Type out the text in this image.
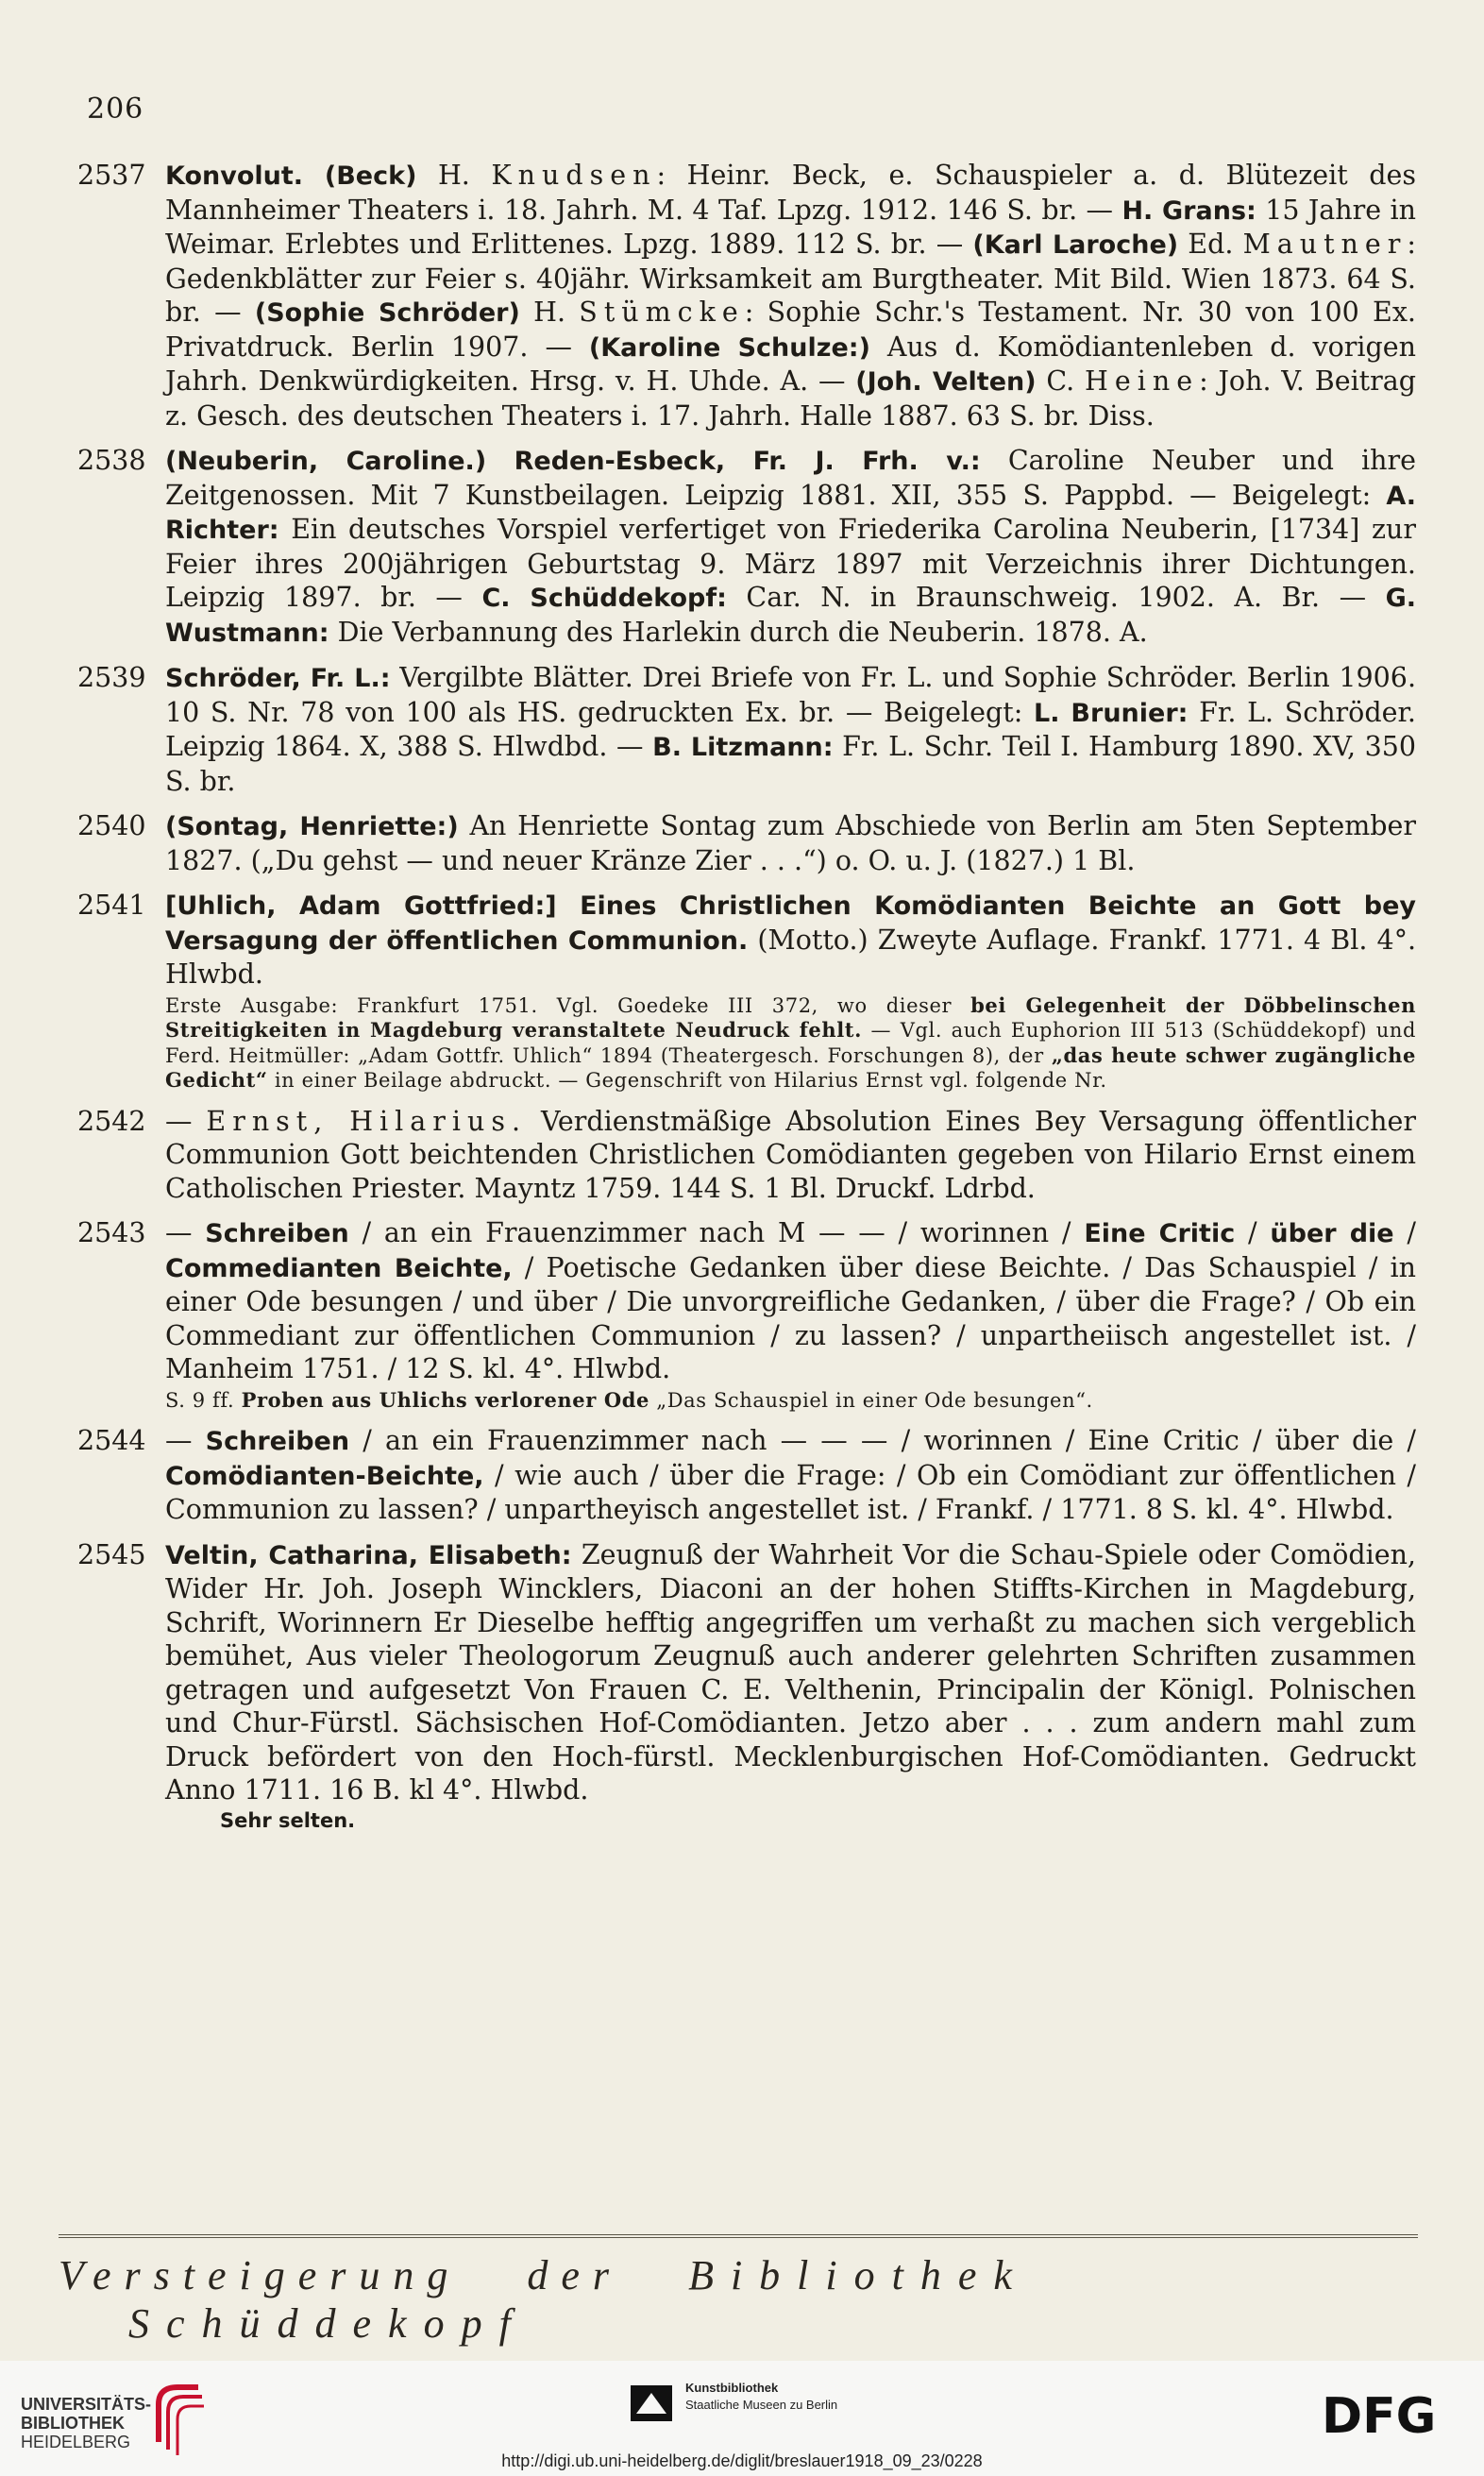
206
2537 Konvolut. (Beck) H. Knudsen: Heinr. Beck, e. Schauspieler a. d. Blütezeit des Mannheimer Theaters i. 18. Jahrh. M. 4 Taf. Lpzg. 1912. 146 S. br. — H. Grans: 15 Jahre in Weimar. Erlebtes und Erlittenes. Lpzg. 1889. 112 S. br. — (Karl Laroche) Ed. Mautner: Gedenkblätter zur Feier s. 40jähr. Wirksamkeit am Burgtheater. Mit Bild. Wien 1873. 64 S. br. — (Sophie Schröder) H. Stümcke: Sophie Schr.'s Testament. Nr. 30 von 100 Ex. Privatdruck. Berlin 1907. — (Karoline Schulze:) Aus d. Komödiantenleben d. vorigen Jahrh. Denkwürdigkeiten. Hrsg. v. H. Uhde. A. — (Joh. Velten) C. Heine: Joh. V. Beitrag z. Gesch. des deutschen Theaters i. 17. Jahrh. Halle 1887. 63 S. br. Diss.
2538 (Neuberin, Caroline.) Reden-Esbeck, Fr. J. Frh. v.: Caroline Neuber und ihre Zeitgenossen. Mit 7 Kunstbeilagen. Leipzig 1881. XII, 355 S. Pappbd. — Beigelegt: A. Richter: Ein deutsches Vorspiel verfertiget von Friederika Carolina Neuberin, [1734] zur Feier ihres 200jährigen Geburtstag 9. März 1897 mit Verzeichnis ihrer Dichtungen. Leipzig 1897. br. — C. Schüddekopf: Car. N. in Braunschweig. 1902. A. Br. — G. Wustmann: Die Verbannung des Harlekin durch die Neuberin. 1878. A.
2539 Schröder, Fr. L.: Vergilbte Blätter. Drei Briefe von Fr. L. und Sophie Schröder. Berlin 1906. 10 S. Nr. 78 von 100 als HS. gedruckten Ex. br. — Beigelegt: L. Brunier: Fr. L. Schröder. Leipzig 1864. X, 388 S. Hlwdbd. — B. Litzmann: Fr. L. Schr. Teil I. Hamburg 1890. XV, 350 S. br.
2540 (Sontag, Henriette:) An Henriette Sontag zum Abschiede von Berlin am 5ten September 1827. („Du gehst — und neuer Kränze Zier . . .“) o. O. u. J. (1827.) 1 Bl.
2541 [Uhlich, Adam Gottfried:] Eines Christlichen Komödianten Beichte an Gott bey Versagung der öffentlichen Communion. (Motto.) Zweyte Auflage. Frankf. 1771. 4 Bl. 4°. Hlwbd.
Erste Ausgabe: Frankfurt 1751. Vgl. Goedeke III 372, wo dieser bei Gelegenheit der Döbbelinschen Streitigkeiten in Magdeburg veranstaltete Neudruck fehlt. — Vgl. auch Euphorion III 513 (Schüddekopf) und Ferd. Heitmüller: „Adam Gottfr. Uhlich“ 1894 (Theatergesch. Forschungen 8), der „das heute schwer zugängliche Gedicht“ in einer Beilage abdruckt. — Gegenschrift von Hilarius Ernst vgl. folgende Nr.
2542 — Ernst, Hilarius. Verdienstmäßige Absolution Eines Bey Versagung öffentlicher Communion Gott beichtenden Christlichen Comödianten gegeben von Hilario Ernst einem Catholischen Priester. Mayntz 1759. 144 S. 1 Bl. Druckf. Ldrbd.
2543 — Schreiben / an ein Frauenzimmer nach M — — / worinnen / Eine Critic / über die / Commedianten Beichte, / Poetische Gedanken über diese Beichte. / Das Schauspiel / in einer Ode besungen / und über / Die unvorgreifliche Gedanken, / über die Frage? / Ob ein Commediant zur öffentlichen Communion / zu lassen? / unpartheiisch angestellet ist. / Manheim 1751. / 12 S. kl. 4°. Hlwbd.
S. 9 ff. Proben aus Uhlichs verlorener Ode „Das Schauspiel in einer Ode besungen“.
2544 — Schreiben / an ein Frauenzimmer nach — — — / worinnen / Eine Critic / über die / Comödianten-Beichte, / wie auch / über die Frage: / Ob ein Comödiant zur öffentlichen / Communion zu lassen? / unpartheyisch angestellet ist. / Frankf. / 1771. 8 S. kl. 4°. Hlwbd.
2545 Veltin, Catharina, Elisabeth: Zeugnuß der Wahrheit Vor die Schau-Spiele oder Comödien, Wider Hr. Joh. Joseph Wincklers, Diaconi an der hohen Stiffts-Kirchen in Magdeburg, Schrift, Worinnern Er Dieselbe hefftig angegriffen um verhaßt zu machen sich vergeblich bemühet, Aus vieler Theologorum Zeugnuß auch anderer gelehrten Schriften zusammen getragen und aufgesetzt Von Frauen C. E. Velthenin, Principalin der Königl. Polnischen und Chur-Fürstl. Sächsischen Hof-Comödianten. Jetzo aber . . . zum andern mahl zum Druck befördert von den Hoch-fürstl. Mecklenburgischen Hof-Comödianten. Gedruckt Anno 1711. 16 B. kl 4°. Hlwbd.
Sehr selten.
Versteigerung der BibliothekSchüddekopf
UNIVERSITÄTS-
BIBLIOTHEK
HEIDELBERG
Kunstbibliothek
Staatliche Museen zu Berlin	DFG
http://digi.ub.uni-heidelberg.de/diglit/breslauer1918_09_23/0228
